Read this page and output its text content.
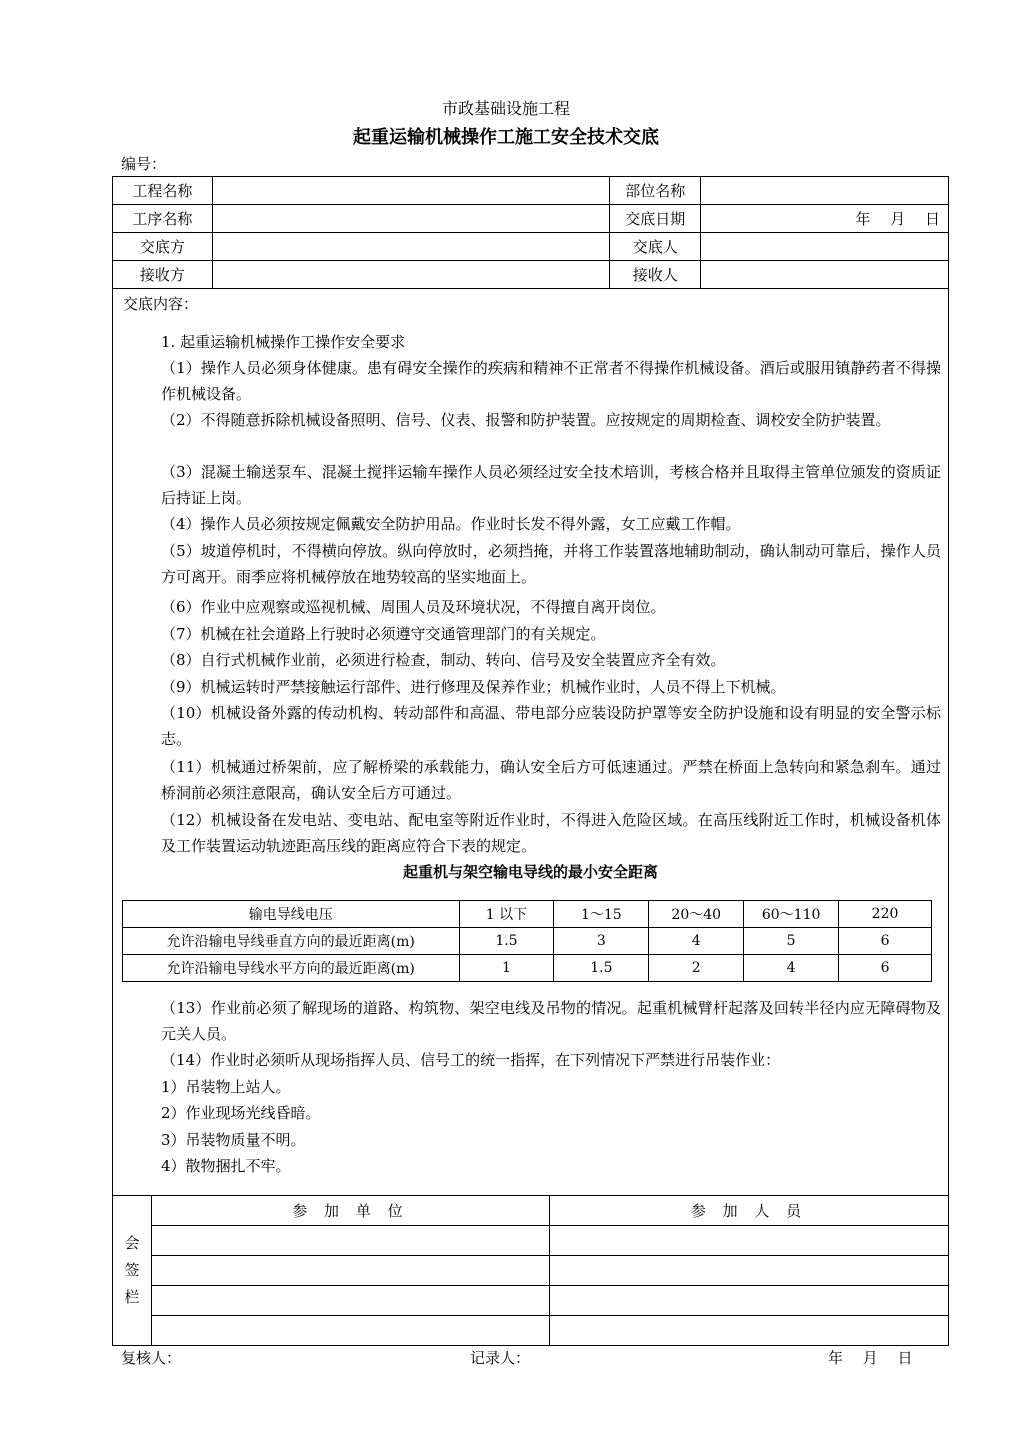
市政基础设施工程
起重运输机械操作工施工安全技术交底
编号：
工程名称		部位名称	
工序名称		交底日期	年　 月　 日
交底方		交底人	
接收方		接收人	
交底内容：
1. 起重运输机械操作工操作安全要求
（1）操作人员必须身体健康。患有碍安全操作的疾病和精神不正常者不得操作机械设备。酒后或服用镇静药者不得操作机械设备。
（2）不得随意拆除机械设备照明、信号、仪表、报警和防护装置。应按规定的周期检查、调校安全防护装置。
（3）混凝土输送泵车、混凝土搅拌运输车操作人员必须经过安全技术培训，考核合格并且取得主管单位颁发的资质证后持证上岗。
（4）操作人员必须按规定佩戴安全防护用品。作业时长发不得外露，女工应戴工作帽。
（5）坡道停机时，不得横向停放。纵向停放时，必须挡掩，并将工作装置落地辅助制动，确认制动可靠后，操作人员方可离开。雨季应将机械停放在地势较高的坚实地面上。
（6）作业中应观察或巡视机械、周围人员及环境状况，不得擅自离开岗位。
（7）机械在社会道路上行驶时必须遵守交通管理部门的有关规定。
（8）自行式机械作业前，必须进行检查，制动、转向、信号及安全装置应齐全有效。
（9）机械运转时严禁接触运行部件、进行修理及保养作业；机械作业时，人员不得上下机械。
（10）机械设备外露的传动机构、转动部件和高温、带电部分应装设防护罩等安全防护设施和设有明显的安全警示标志。
（11）机械通过桥架前，应了解桥梁的承载能力，确认安全后方可低速通过。严禁在桥面上急转向和紧急刹车。通过桥洞前必须注意限高，确认安全后方可通过。
（12）机械设备在发电站、变电站、配电室等附近作业时，不得进入危险区域。在高压线附近工作时，机械设备机体及工作装置运动轨迹距高压线的距离应符合下表的规定。
起重机与架空输电导线的最小安全距离
输电导线电压	1 以下	1～15	20～40	60～110	220
允许沿输电导线垂直方向的最近距离(m)	1.5	3	4	5	6
允许沿输电导线水平方向的最近距离(m)	1	1.5	2	4	6
（13）作业前必须了解现场的道路、构筑物、架空电线及吊物的情况。起重机械臂杆起落及回转半径内应无障碍物及元关人员。
（14）作业时必须听从现场指挥人员、信号工的统一指挥，在下列情况下严禁进行吊装作业：
1）吊装物上站人。
2）作业现场光线昏暗。
3）吊装物质量不明。
4）散物捆扎不牢。
会
签
栏	参 加 单 位	参 加 人 员

复核人：	记录人：	年　 月　 日
